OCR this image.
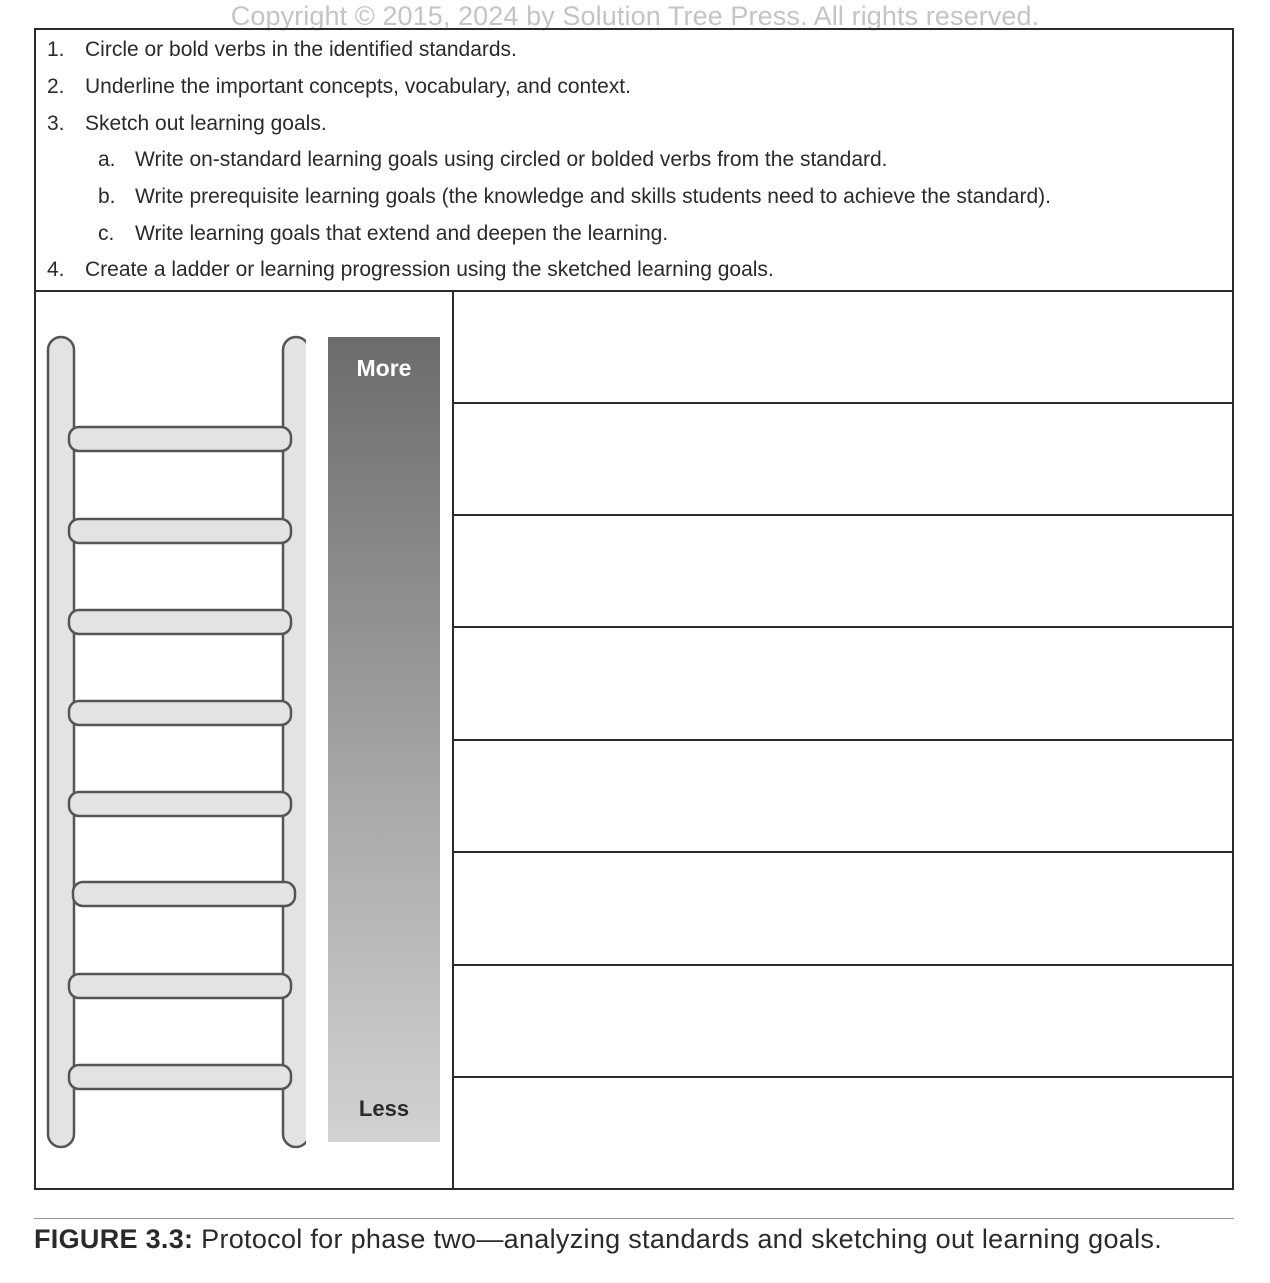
Copyright © 2015, 2024 by Solution Tree Press. All rights reserved.
1. Circle or bold verbs in the identified standards.
2. Underline the important concepts, vocabulary, and context.
3. Sketch out learning goals.
a. Write on-standard learning goals using circled or bolded verbs from the standard.
b. Write prerequisite learning goals (the knowledge and skills students need to achieve the standard).
c. Write learning goals that extend and deepen the learning.
4. Create a ladder or learning progression using the sketched learning goals.
More
Less
FIGURE 3.3: Protocol for phase two—analyzing standards and sketching out learning goals.
